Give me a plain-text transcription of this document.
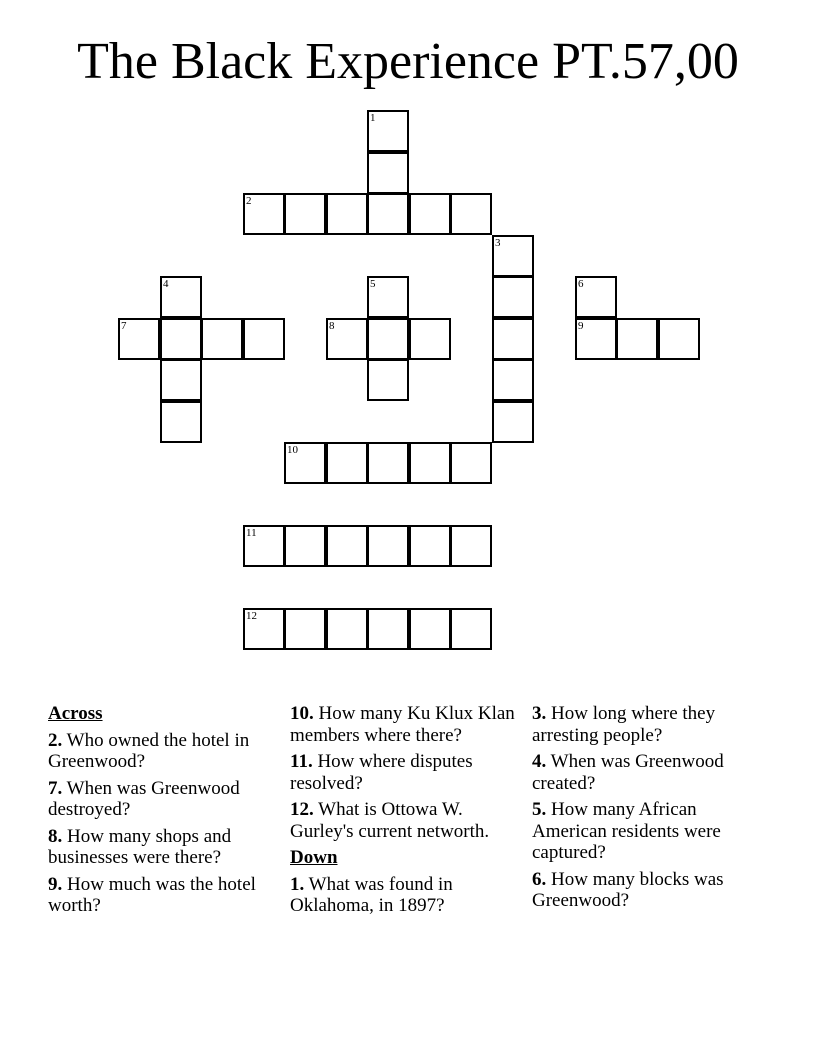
The Black Experience PT.57,00
1
2
3
4	5	6
7	8	9
10
11
12
Across
2. Who owned the hotel in Greenwood?
7. When was Greenwood destroyed?
8. How many shops and businesses were there?
9. How much was the hotel worth?
10. How many Ku Klux Klan members where there?
11. How where disputes resolved?
12. What is Ottowa W. Gurley's current networth.
Down
1. What was found in Oklahoma, in 1897?
3. How long where they arresting people?
4. When was Greenwood created?
5. How many African American residents were captured?
6. How many blocks was Greenwood?
